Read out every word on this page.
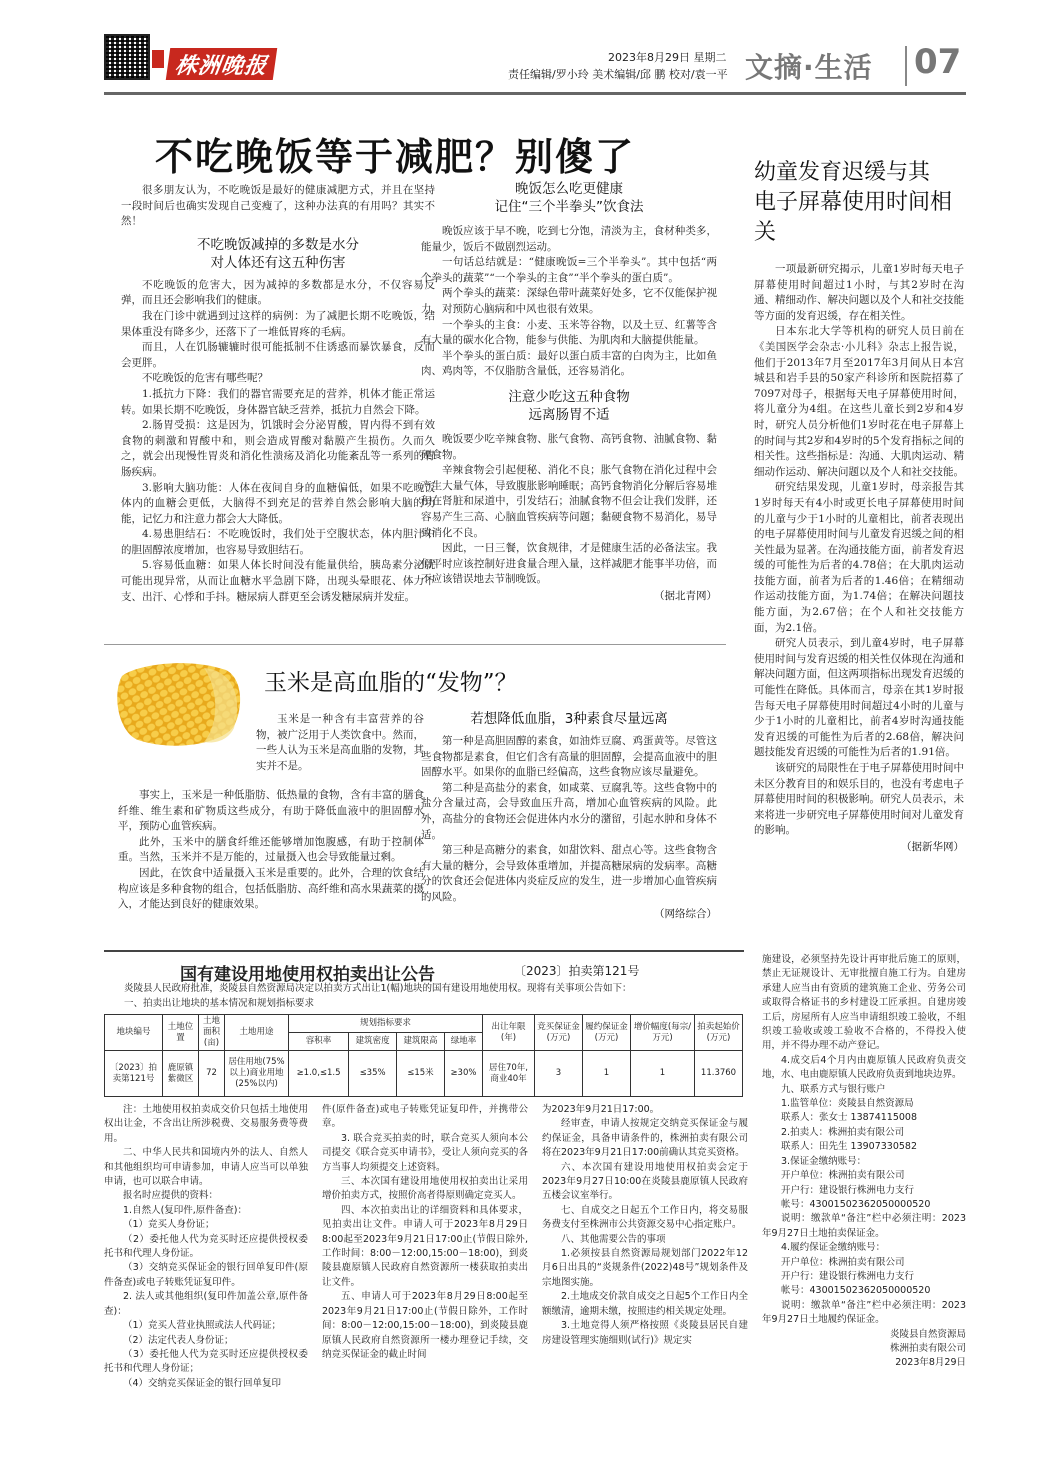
株洲晚报	2023年8月29日 星期二
责任编辑/罗小玲 美术编辑/邱 鹏 校对/袁一平 文摘·生活 07
不吃晚饭等于减肥？别傻了

很多朋友认为，不吃晚饭是最好的健康减肥方式，并且在坚持一段时间后也确实发现自己变瘦了，这种办法真的有用吗？其实不然！

不吃晚饭减掉的多数是水分
对人体还有这五种伤害

不吃晚饭的危害大，因为减掉的多数都是水分，不仅容易反弹，而且还会影响我们的健康。

我在门诊中就遇到过这样的病例：为了减肥长期不吃晚饭，结果体重没有降多少，还落下了一堆低胃疼的毛病。

而且，人在饥肠辘辘时很可能抵制不住诱惑而暴饮暴食，反而会更胖。

不吃晚饭的危害有哪些呢？

1.抵抗力下降：我们的器官需要充足的营养，机体才能正常运转。如果长期不吃晚饭，身体器官缺乏营养，抵抗力自然会下降。

2.肠胃受损：这是因为，饥饿时会分泌胃酸，胃内得不到有效食物的刺激和胃酸中和，则会造成胃酸对黏膜产生损伤。久而久之，就会出现慢性胃炎和消化性溃疡及消化功能紊乱等一系列的胃肠疾病。

3.影响大脑功能：人体在夜间自身的血糖偏低，如果不吃晚饭体内的血糖会更低，大脑得不到充足的营养自然会影响大脑的功能，记忆力和注意力都会大大降低。

4.易患胆结石：不吃晚饭时，我们处于空腹状态，体内胆汁中的胆固醇浓度增加，也容易导致胆结石。

5.容易低血糖：如果人体长时间没有能量供给，胰岛素分泌就可能出现异常，从而让血糖水平急剧下降，出现头晕眼花、体力不支、出汗、心悸和手抖。糖尿病人群更至会诱发糖尿病并发症。

晚饭怎么吃更健康
记住“三个半拳头”饮食法

晚饭应该于早不晚，吃到七分饱，清淡为主，食材种类多，能量少，饭后不做剧烈运动。

一句话总结就是：“健康晚饭=三个半拳头”。其中包括“两个拳头的蔬菜”“一个拳头的主食”“半个拳头的蛋白质”。

两个拳头的蔬菜：深绿色带叶蔬菜好处多，它不仅能保护视力，对预防心脑病和中风也很有效果。

一个拳头的主食：小麦、玉米等谷物，以及土豆、红薯等含有大量的碳水化合物，能参与供能、为肌肉和大脑提供能量。

半个拳头的蛋白质：最好以蛋白质丰富的白肉为主，比如鱼肉、鸡肉等，不仅脂肪含量低，还容易消化。

注意少吃这五种食物
远离肠胃不适

晚饭要少吃辛辣食物、胀气食物、高钙食物、油腻食物、黏硬食物。

辛辣食物会引起便秘、消化不良；胀气食物在消化过程中会产生大量气体，导致腹胀影响睡眠；高钙食物消化分解后容易堆积在肾脏和尿道中，引发结石；油腻食物不但会让我们发胖，还容易产生三高、心脑血管疾病等问题；黏硬食物不易消化，易导致消化不良。

因此，一日三餐，饮食规律，才是健康生活的必备法宝。我们平时应该控制好进食量合理入量，这样减肥才能事半功倍，而不应该错误地去节制晚饭。

（据北青网）
幼童发育迟缓与其
电子屏幕使用时间相关

一项最新研究揭示，儿童1岁时每天电子屏幕使用时间超过1小时，与其2岁时在沟通、精细动作、解决问题以及个人和社交技能等方面的发育迟缓，存在相关性。

日本东北大学等机构的研究人员日前在《美国医学会杂志·小儿科》杂志上报告说，他们于2013年7月至2017年3月间从日本宫城县和岩手县的50家产科诊所和医院招募了7097对母子，根据每天电子屏幕使用时间，将儿童分为4组。在这些儿童长到2岁和4岁时，研究人员分析他们1岁时花在电子屏幕上的时间与其2岁和4岁时的5个发育指标之间的相关性。这些指标是：沟通、大肌肉运动、精细动作运动、解决问题以及个人和社交技能。

研究结果发现，儿童1岁时，母亲报告其1岁时每天有4小时或更长电子屏幕使用时间的儿童与少于1小时的儿童相比，前者表现出的电子屏幕使用时间与儿童发育迟缓之间的相关性最为显著。在沟通技能方面，前者发育迟缓的可能性为后者的4.78倍；在大肌肉运动技能方面，前者为后者的1.46倍；在精细动作运动技能方面，为1.74倍；在解决问题技能方面，为2.67倍；在个人和社交技能方面，为2.1倍。

研究人员表示，到儿童4岁时，电子屏幕使用时间与发育迟缓的相关性仅体现在沟通和解决问题方面，但这两项指标出现发育迟缓的可能性在降低。具体而言，母亲在其1岁时报告每天电子屏幕使用时间超过4小时的儿童与少于1小时的儿童相比，前者4岁时沟通技能发育迟缓的可能性为后者的2.68倍，解决问题技能发育迟缓的可能性为后者的1.91倍。

该研究的局限性在于电子屏幕使用时间中未区分教育目的和娱乐目的，也没有考虑电子屏幕使用时间的积极影响。研究人员表示，未来将进一步研究电子屏幕使用时间对儿童发育的影响。

（据新华网）
玉米是高血脂的“发物”？

玉米是一种含有丰富营养的谷物，被广泛用于人类饮食中。然而，一些人认为玉米是高血脂的发物，其实并不是。

事实上，玉米是一种低脂肪、低热量的食物，含有丰富的膳食纤维、维生素和矿物质这些成分，有助于降低血液中的胆固醇水平，预防心血管疾病。

此外，玉米中的膳食纤维还能够增加饱腹感，有助于控制体重。当然，玉米并不是万能的，过量摄入也会导致能量过剩。

因此，在饮食中适量摄入玉米是重要的。此外，合理的饮食结构应该是多种食物的组合，包括低脂肪、高纤维和高水果蔬菜的摄入，才能达到良好的健康效果。

若想降低血脂，3种素食尽量远离

第一种是高胆固醇的素食，如油炸豆腐、鸡蛋黄等。尽管这些食物都是素食，但它们含有高量的胆固醇，会提高血液中的胆固醇水平。如果你的血脂已经偏高，这些食物应该尽量避免。

第二种是高盐分的素食，如咸菜、豆腐乳等。这些食物中的盐分含量过高，会导致血压升高，增加心血管疾病的风险。此外，高盐分的食物还会促进体内水分的潴留，引起水肿和身体不适。

第三种是高糖分的素食，如甜饮料、甜点心等。这些食物含有大量的糖分，会导致体重增加，并提高糖尿病的发病率。高糖分的饮食还会促进体内炎症反应的发生，进一步增加心血管疾病的风险。

（网络综合）
国有建设用地使用权拍卖出让公告	〔2023〕拍卖第121号
炎陵县人民政府批准，炎陵县自然资源局决定以拍卖方式出让1(幅)地块的国有建设用地使用权。现将有关事项公告如下：
一、拍卖出让地块的基本情况和规划指标要求
地块编号	土地位置	土地面积(亩)	土地用途	规划指标要求				出让年限(年)	竞买保证金(万元)	履约保证金(万元)	增价幅度(每宗/万元)	拍卖起始价(万元)
				容积率	建筑密度	建筑限高	绿地率					
〔2023〕拍卖第121号	鹿原镇紫微区	72	居住用地(75%以上)商业用地(25%以内)	≥1.0,≤1.5	≤35%	≤15米	≥30%	居住70年,商业40年	3	1	1	11.3760

注：土地使用权拍卖成交价只包括土地使用权出让金，不含出让所涉税费、交易服务费等费用。

二、中华人民共和国境内外的法人、自然人和其他组织均可申请参加，申请人应当可以单独申请，也可以联合申请。

报名时应提供的资料：

1.自然人(复印件,原件备查)：

（1）竞买人身份证；

（2）委托他人代为竞买时还应提供授权委托书和代理人身份证。

（3）交纳竞买保证金的银行回单复印件(原件备查)或电子转账凭证复印件。

2. 法人或其他组织(复印件加盖公章,原件备查)：

（1）竞买人营业执照或法人代码证；

（2）法定代表人身份证；

（3）委托他人代为竞买时还应提供授权委托书和代理人身份证；

（4）交纳竞买保证金的银行回单复印

件(原件备查)或电子转账凭证复印件，并携带公章。

3. 联合竞买拍卖的时，联合竞买人须向本公司提交《联合竞买申请书》，受让人须向竞买的各方当事人均须提交上述资料。

三、本次国有建设用地使用权拍卖出让采用增价拍卖方式，按照价高者得原则确定竞买人。

四、本次拍卖出让的详细资料和具体要求，见拍卖出让文件。申请人可于2023年8月29日8:00起至2023年9月21日17:00止(节假日除外,工作时间：8:00－12:00,15:00－18:00)，到炎陵县鹿原镇人民政府自然资源所一楼获取拍卖出让文件。

五、申请人可于2023年8月29日8:00起至2023年9月21日17:00止(节假日除外，工作时间：8:00－12:00,15:00－18:00)，到炎陵县鹿原镇人民政府自然资源所一楼办理登记手续，交纳竞买保证金的截止时间

为2023年9月21日17:00。

经审查，申请人按规定交纳竞买保证金与履约保证金，具备申请条件的，株洲拍卖有限公司将在2023年9月21日17:00前确认其竞买资格。

六、本次国有建设用地使用权拍卖会定于2023年9月27日10:00在炎陵县鹿原镇人民政府五楼会议室举行。

七、自成交之日起五个工作日内，将交易服务费支付至株洲市公共资源交易中心指定账户。

八、其他需要公告的事项

1.必须按县自然资源局规划部门2022年12月6日出具的“炎规条件(2022)48号”规划条件及宗地图实施。

2.土地成交价款自成交之日起5个工作日内全额缴清，逾期未缴，按照违约相关规定处理。

3.土地竞得人须严格按照《炎陵县居民自建房建设管理实施细则(试行)》规定实

施建设，必须坚持先设计再审批后施工的原则，禁止无证规设计、无审批擅自施工行为。自建房承建人应当由有资质的建筑施工企业、劳务公司或取得合格证书的乡村建设工匠承担。自建房竣工后，房屋所有人应当申请组织竣工验收，不组织竣工验收或竣工验收不合格的，不得投入使用，并不得办理不动产登记。

4.成交后4个月内由鹿原镇人民政府负责交地，水、电由鹿原镇人民政府负责到地块边界。

九、联系方式与银行账户

1.监管单位：炎陵县自然资源局

联系人：张女士 13874115008

2.拍卖人：株洲拍卖有限公司

联系人：田先生 13907330582

3.保证金缴纳账号：

开户单位：株洲拍卖有限公司

开户行：建设银行株洲电力支行

帐号：43001502362050000520

说明：缴款单“备注”栏中必须注明：2023年9月27日土地拍卖保证金。

4.履约保证金缴纳账号：

开户单位：株洲拍卖有限公司

开户行：建设银行株洲电力支行

帐号：43001502362050000520

说明：缴款单“备注”栏中必须注明：2023年9月27日土地履约保证金。

炎陵县自然资源局

株洲拍卖有限公司

2023年8月29日
